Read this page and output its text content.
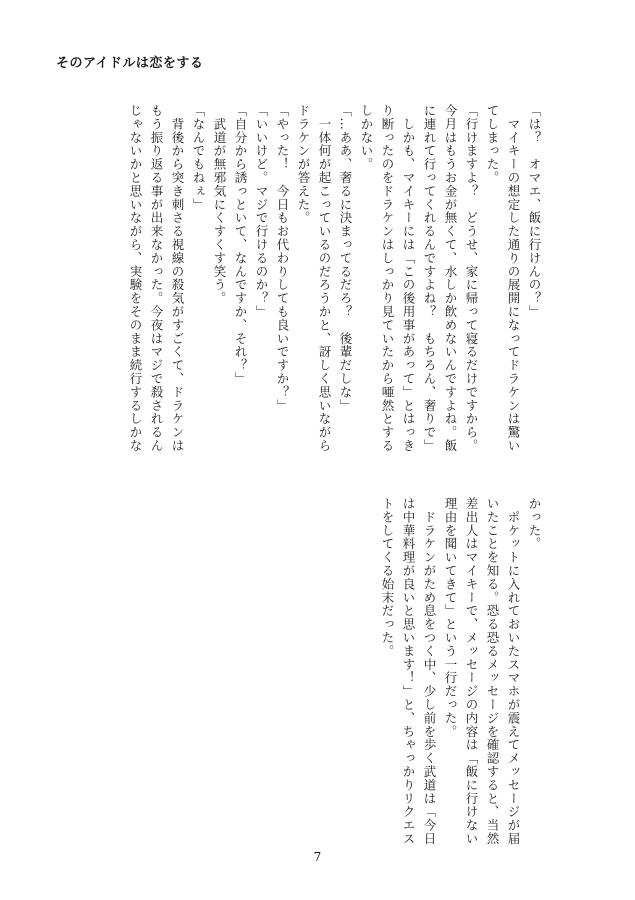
そのアイドルは恋をする
「は？　オマエ、飯に行けんの？」
　マイキーの想定した通りの展開になってドラケンは驚い
てしまった。
「行けますよ？　どうせ、家に帰って寝るだけですから。
今月はもうお金が無くて、水しか飲めないんですよね。飯
に連れて行ってくれるんですよね？　もちろん、奢りで」
　しかも、マイキーには「この後用事があって」とはっき
り断ったのをドラケンはしっかり見ていたから唖然とする
しかない。
「…ああ、奢るに決まってるだろ？　後輩だしな」
　一体何が起こっているのだろうかと、訝しく思いながら
ドラケンが答えた。
「やった！　今日もお代わりしても良いですか？」
「いいけど。マジで行けるのか？」
「自分から誘っといて、なんですか、それ？」
　武道が無邪気にくすくす笑う。
「なんでもねぇ」
　背後から突き刺さる視線の殺気がすごくて、ドラケンは
もう振り返る事が出来なかった。今夜はマジで殺されるん
じゃないかと思いながら、実験をそのまま続行するしかな
かった。
　ポケットに入れておいたスマホが震えてメッセージが届
いたことを知る。恐る恐るメッセージを確認すると、当然
差出人はマイキーで、メッセージの内容は「飯に行けない
理由を聞いてきて」という一行だった。
　ドラケンがため息をつく中、少し前を歩く武道は「今日
は中華料理が良いと思います！」と、ちゃっかりリクエス
トをしてくる始末だった。
7
